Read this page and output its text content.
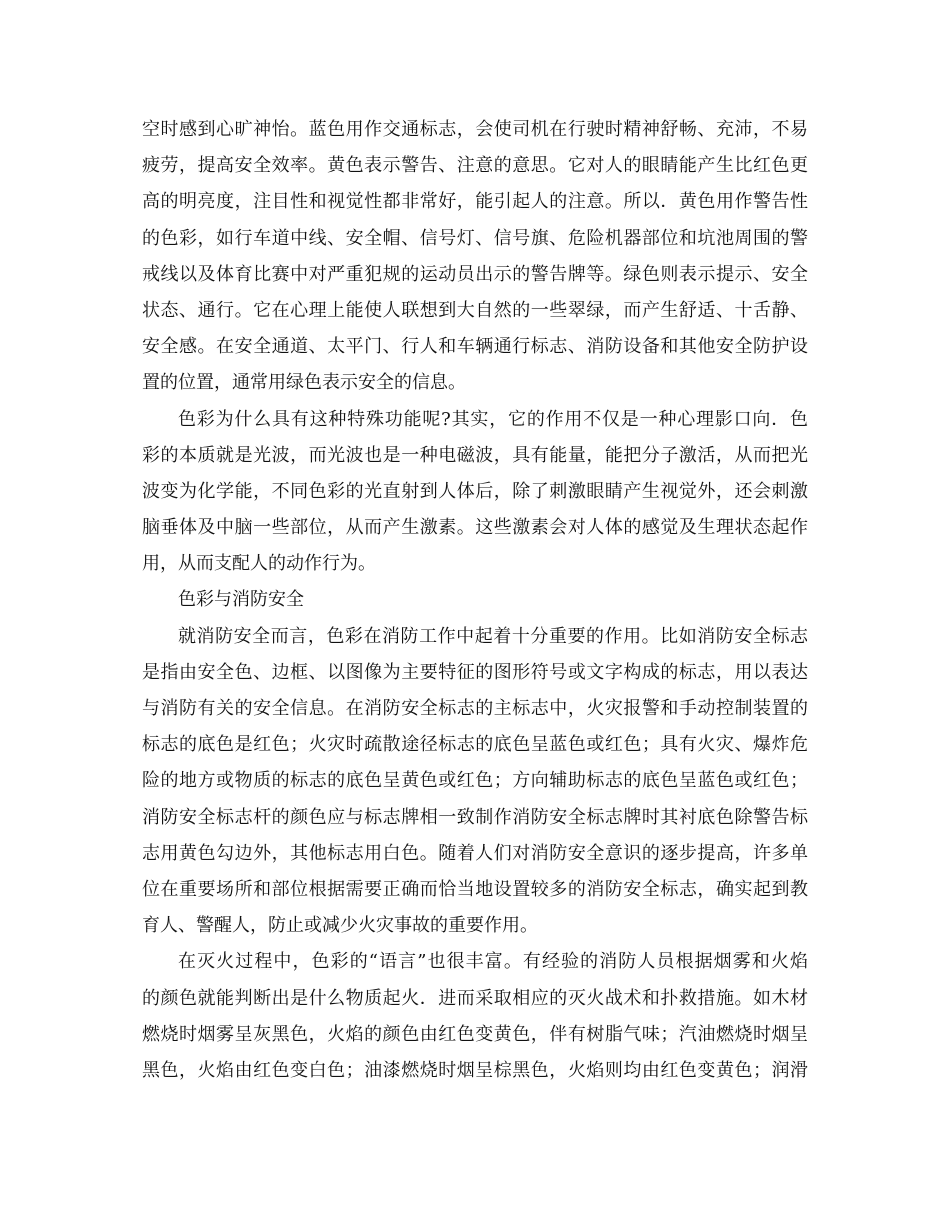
空时感到心旷神怡。蓝色用作交通标志，会使司机在行驶时精神舒畅、充沛，不易
疲劳，提高安全效率。黄色表示警告、注意的意思。它对人的眼睛能产生比红色更
高的明亮度，注目性和视觉性都非常好，能引起人的注意。所以．黄色用作警告性
的色彩，如行车道中线、安全帽、信号灯、信号旗、危险机器部位和坑池周围的警
戒线以及体育比赛中对严重犯规的运动员出示的警告牌等。绿色则表示提示、安全
状态、通行。它在心理上能使人联想到大自然的一些翠绿，而产生舒适、十舌静、
安全感。在安全通道、太平门、行人和车辆通行标志、消防设备和其他安全防护设
置的位置，通常用绿色表示安全的信息。
色彩为什么具有这种特殊功能呢?其实，它的作用不仅是一种心理影口向．色
彩的本质就是光波，而光波也是一种电磁波，具有能量，能把分子激活，从而把光
波变为化学能，不同色彩的光直射到人体后，除了刺激眼睛产生视觉外，还会刺激
脑垂体及中脑一些部位，从而产生激素。这些激素会对人体的感觉及生理状态起作
用，从而支配人的动作行为。
色彩与消防安全
就消防安全而言，色彩在消防工作中起着十分重要的作用。比如消防安全标志
是指由安全色、边框、以图像为主要特征的图形符号或文字构成的标志，用以表达
与消防有关的安全信息。在消防安全标志的主标志中，火灾报警和手动控制装置的
标志的底色是红色；火灾时疏散途径标志的底色呈蓝色或红色；具有火灾、爆炸危
险的地方或物质的标志的底色呈黄色或红色；方向辅助标志的底色呈蓝色或红色；
消防安全标志杆的颜色应与标志牌相一致制作消防安全标志牌时其衬底色除警告标
志用黄色勾边外，其他标志用白色。随着人们对消防安全意识的逐步提高，许多单
位在重要场所和部位根据需要正确而恰当地设置较多的消防安全标志，确实起到教
育人、警醒人，防止或减少火灾事故的重要作用。
在灭火过程中，色彩的“语言”也很丰富。有经验的消防人员根据烟雾和火焰
的颜色就能判断出是什么物质起火．进而采取相应的灭火战术和扑救措施。如木材
燃烧时烟雾呈灰黑色，火焰的颜色由红色变黄色，伴有树脂气味；汽油燃烧时烟呈
黑色，火焰由红色变白色；油漆燃烧时烟呈棕黑色，火焰则均由红色变黄色；润滑
